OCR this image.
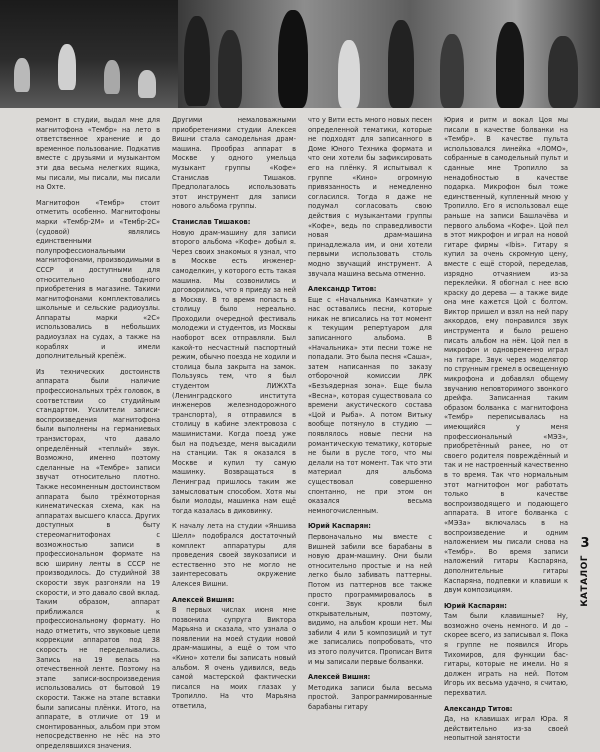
ремонт в студии, выдал мне для магнитофона «Тембр» на лето в ответственное хранение и до временное пользование. Подкатив вместе с друзьями и музыкантом эти два весьма нелегких ящика, мы писали, мы писали, мы писали на Охте.

Магнитофон «Тембр» стоит отметить особенно. Магнитофоны марки «Тембр-2М» и «Тембр-2С» (судовой) являлись единственными полупрофессиональными магнитофонами, производимыми в СССР и доступными для относительно свободного приобретения в магазине. Такими магнитофонами комплектовались школьные и сельские радиоузлы. Аппараты марки «2С» использовались в небольших радиоузлах на судах, а также на кораблях и имели дополнительный крепёж.

Из технических достоинств аппарата были наличие профессиональных трёх головок, в соответствии со студийным стандартом. Усилители записи-воспроизведения магнитофона были выполнены на германиевых транзисторах, что давало определённый «теплый» звук. Возможно, именно поэтому сделанные на «Тембре» записи звучат относительно плотно. Также несомненным достоинством аппарата было трёхмоторная кинематическая схема, как на аппаратах высшего класса. Других доступных в быту стереомагнитофонах с возможностью записи в профессиональном формате на всю ширину ленты в СССР не производилось. До студийной 38 скорости звук разгоняли на 19 скорости, и это давало свой вклад. Таким образом, аппарат приближался к профессиональному формату. Но надо отметить, что звуковые цепи коррекции аппаратов под 38 скорость не переделывались. Запись на 19 велась на отечественной ленте. Поэтому на этапе записи-воспроизведения использовались от бытовой 19 скорости. Также на этапе вставки были записаны плёнки. Итого, на аппарате, в отличие от 19 и смонтированных, альбом при этом непосредственно не нёс на это определявшихся значения.

Другими немаловажными приобретениями студии Алексея Вишни стала самодельная драм-машина. Прообраз аппарат в Москве у одного умельца музыкант группы «Кофе» Станислав Тишаков. Предполагалось использовать этот инструмент для записи нового альбома группы.

Станислав Тишаков:

Новую драм-машину для записи второго альбома «Кофе» добыл я. Через своих знакомых я узнал, что в Москве есть инженер-самоделкин, у которого есть такая машина. Мы созвонились и договорились, что я приеду за ней в Москву. В то время попасть в столицу было нереально. Проходили очередной фестиваль молодежи и студентов, из Москвы наоборот всех отправляли. Был какой-то несчастный паспортный режим, обычно поезда не ходили и столица была закрыта на замок. Пользуясь тем, что я был студентом ЛИЖХТа (Ленинградского института инженеров железнодорожного транспорта), я отправился в столицу в кабине электровоза с машинистами. Когда поезд уже был на подъезде, меня высадили на станции. Так я оказался в Москве и купил ту самую машинку. Возвращаться в Ленинград пришлось таким же замысловатым способом. Хотя мы были молоды, машинка нам ещё тогда казалась в диковинку.

К началу лета на студии «Яншива Шелл» подобрался достаточный комплект аппаратуры для проведения своей звукозаписи и естественно это не могло не заинтересовать окружение Алексея Вишни.

Алексей Вишня:

В первых числах июня мне позвонила супруга Виктора Марьяна и сказала, что узнала о появлении на моей студии новой драм-машины, а ещё о том что «Кино» хотели бы записать новый альбом. Я очень удивился, ведь самой мастерской фактически писался на моих глазах у Тропилло. На что Марьяна ответила,

что у Вити есть много новых песен определенной тематики, которые не подходят для записанного в Доме Юного Техника формата и что они хотели бы зафиксировать его на плёнку. Я испытывал к группе «Кино» огромную привязанность и немедленно согласился. Тогда я даже не подумал согласовать свою действия с музыкантами группы «Кофе», ведь по справедливости новая драм-машина принадлежала им, и они хотели первыми использовать столь модно звучащий инструмент. А звучала машина весьма отменно.

Александр Титов:

Еще с «Начальника Камчатки» у нас оставались песни, которые никак не вписались на тот момент к текущим репертуаром для записанного альбома. В «Начальника» эти песни тоже не попадали. Это была песня «Саша», затем написанная по заказу отборочной комиссии ЛРК «Безъядерная зона». Еще была «Весна», которая существовала со времени акустического состава «Цой и Рыба». А потом Витьку вообще потянуло в студию — появлялось новые песни на романтическую тематику, которые не были в русле того, что мы делали на тот момент. Так что эти материал для альбома существовал совершенно спонтанно, не при этом он оказался весьма немногочисленным.

Юрий Каспарян:

Первоначально мы вместе с Вишней забили все барабаны в новую драм-машину. Они были относительно простые и на ней легко было забивать паттерны. Потом из паттернов все также просто программировалось в сонги. Звук кровли был открывательным, поэтому, видимо, на альбом кроши нет. Мы забили 4 или 5 композиций и тут же записались попробовать, что из этого получится. Прописан Витя и мы записали первые болванки.

Алексей Вишня:

Методика записи была весьма простой. Запрограммированные барабаны гитару

Юрия и ритм и вокал Цоя мы писали в качестве болванки на «Тембр». В качестве пульта использовался линейка «ЛОМО», собранные в самодельный пульт и сданные мне Тропилло за ненадобностью в качестве подарка. Микрофон был тоже единственный, купленный мною у Тропилло. Его я использовал еще раньше на записи Башлачёва и первого альбома «Кофе». Цой пел в этот микрофон и играл на новой гитаре фирмы «Ibis». Гитару я купил за очень скромную цену, вместе с ещё сторой, переделав, изрядно отчаянием из-за переклейки. Я обогнал с нее всю краску до дерева — а также виде она мне кажется Цой с болтом. Виктор пришел и взял на ней пару аккордов, ему понравился звук инструмента и было решено писать альбом на нём. Цой пел в микрофон и одновременно играл на гитаре. Звук через моделятор по струнным гремел в освещенную микрофона и добавлял общему звучанию неповторимого звонкого дрейфа. Записанная таким образом болванка с магнитофона «Тембр» переписывалась на имеющийся у меня профессиональный «МЭЗ», приобретённый ранее, но от своего родителя повреждённый и так и не настроенный качественно в то время. Так что нормальным этот магнитофон мог работать только в качестве воспроизводящего и подающего аппарата. В итоге болванка с «МЭЗа» включалась в на воспроизведение и одним наложением мы писали снова на «Тембр». Во время записи наложений гитары Каспаряна, дополнительные гитары Каспаряна, подпевки и клавиши к двум композициям.

Юрий Каспарян:

Там были клавишные? Ну, возможно очень немного. И до – скорее всего, из записывал я. Пока я группе не появился Игорь Тихомиров, для функции бас-гитары, которые не имели. Но я должен играть на ней. Потом Игорь их весьма удачно, я считаю, перехватил.

Александр Титов:

Да, на клавишах играл Юра. Я действительно из-за своей неопытной занятости

3
КАТАЛОГ
